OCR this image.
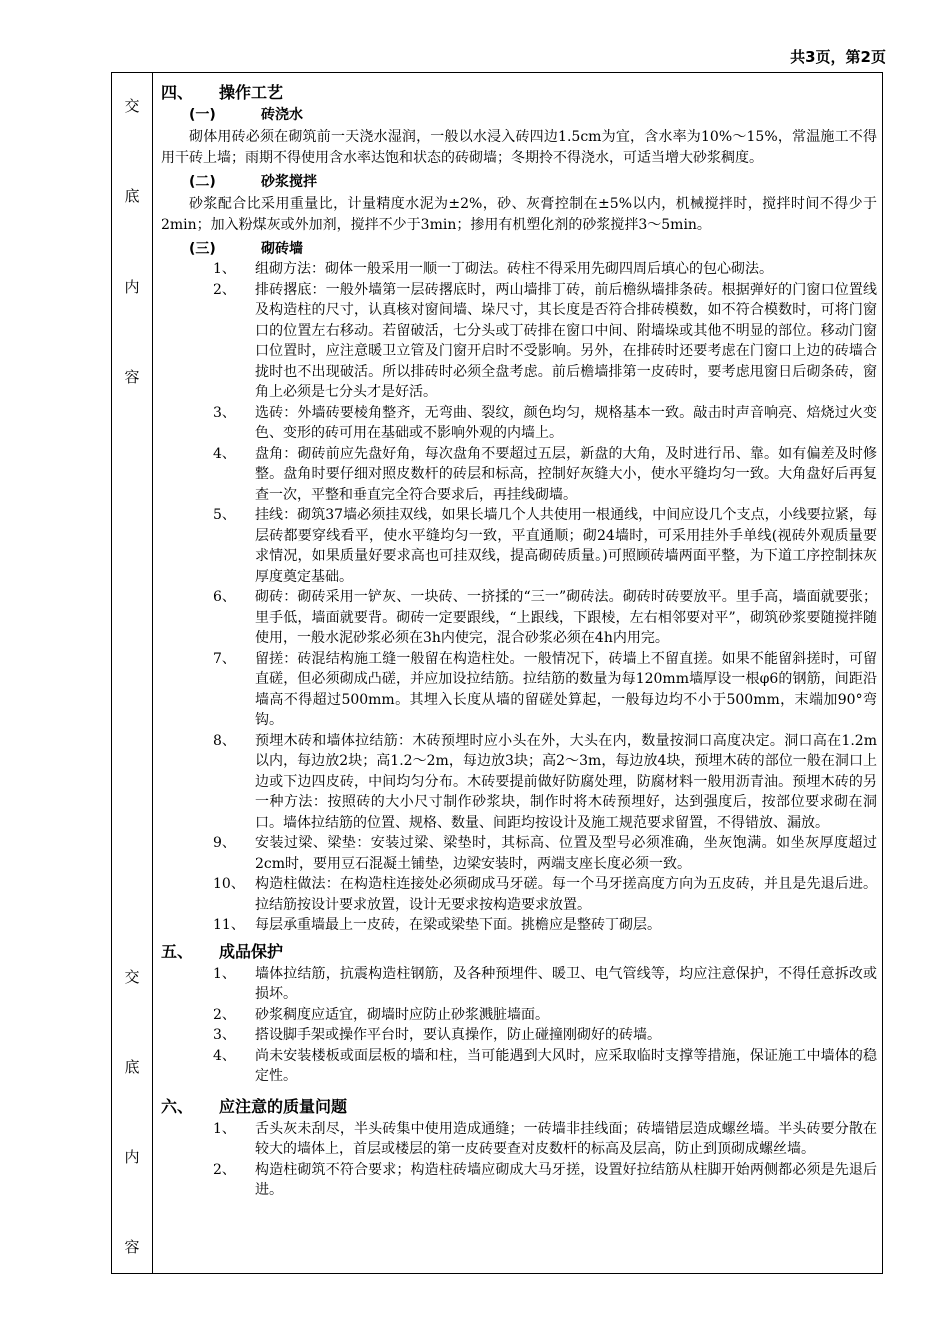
共3页，第2页
交
底
内
容
交
底
内
容
四、	操作工艺
(一)	砖浇水
砌体用砖必须在砌筑前一天浇水湿润，一般以水浸入砖四边1.5cm为宜，含水率为10%～15%，常温施工不得用干砖上墙；雨期不得使用含水率达饱和状态的砖砌墙；冬期拎不得浇水，可适当增大砂浆稠度。
(二)	砂浆搅拌
砂浆配合比采用重量比，计量精度水泥为±2%，砂、灰膏控制在±5%以内，机械搅拌时，搅拌时间不得少于2min；加入粉煤灰或外加剂，搅拌不少于3min；掺用有机塑化剂的砂浆搅拌3～5min。
(三)	砌砖墙
1、	组砌方法：砌体一般采用一顺一丁砌法。砖柱不得采用先砌四周后填心的包心砌法。
2、	排砖撂底：一般外墙第一层砖撂底时，两山墙排丁砖，前后檐纵墙排条砖。根据弹好的门窗口位置线及构造柱的尺寸，认真核对窗间墙、垛尺寸，其长度是否符合排砖模数，如不符合模数时，可将门窗口的位置左右移动。若留破活，七分头或丁砖排在窗口中间、附墙垛或其他不明显的部位。移动门窗口位置时，应注意暖卫立管及门窗开启时不受影响。另外，在排砖时还要考虑在门窗口上边的砖墙合拢时也不出现破活。所以排砖时必须全盘考虑。前后檐墙排第一皮砖时，要考虑甩窗日后砌条砖，窗角上必须是七分头才是好活。
3、	选砖：外墙砖要棱角整齐，无弯曲、裂纹，颜色均匀，规格基本一致。敲击时声音响亮、焙烧过火变色、变形的砖可用在基础或不影响外观的内墙上。
4、	盘角：砌砖前应先盘好角，每次盘角不要超过五层，新盘的大角，及时进行吊、靠。如有偏差及时修整。盘角时要仔细对照皮数杆的砖层和标高，控制好灰缝大小，使水平缝均匀一致。大角盘好后再复查一次，平整和垂直完全符合要求后，再挂线砌墙。
5、	挂线：砌筑37墙必须挂双线，如果长墙几个人共使用一根通线，中间应设几个支点，小线要拉紧，每层砖都要穿线看平，使水平缝均匀一致，平直通顺；砌24墙时，可采用挂外手单线(视砖外观质量要求情况，如果质量好要求高也可挂双线，提高砌砖质量。)可照顾砖墙两面平整，为下道工序控制抹灰厚度奠定基础。
6、	砌砖：砌砖采用一铲灰、一块砖、一挤揉的“三一”砌砖法。砌砖时砖要放平。里手高，墙面就要张；里手低，墙面就要背。砌砖一定要跟线，“上跟线，下跟棱，左右相邻要对平”，砌筑砂浆要随搅拌随使用，一般水泥砂浆必须在3h内使完，混合砂浆必须在4h内用完。
7、	留搓：砖混结构施工缝一般留在构造柱处。一般情况下，砖墙上不留直搓。如果不能留斜搓时，可留直磋，但必须砌成凸磋，并应加设拉结筋。拉结筋的数量为每120mm墙厚设一根φ6的钢筋，间距沿墙高不得超过500mm。其埋入长度从墙的留磋处算起，一般每边均不小于500mm，末端加90°弯钩。
8、	预埋木砖和墙体拉结筋：木砖预埋时应小头在外，大头在内，数量按洞口高度决定。洞口高在1.2m以内，每边放2块；高1.2～2m，每边放3块；高2～3m，每边放4块，预埋木砖的部位一般在洞口上边或下边四皮砖，中间均匀分布。木砖要提前做好防腐处理，防腐材料一般用沥青油。预埋木砖的另一种方法：按照砖的大小尺寸制作砂浆块，制作时将木砖预埋好，达到强度后，按部位要求砌在洞口。墙体拉结筋的位置、规格、数量、间距均按设计及施工规范要求留置，不得错放、漏放。
9、	安装过梁、梁垫：安装过梁、梁垫时，其标高、位置及型号必须准确，坐灰饱满。如坐灰厚度超过2cm时，要用豆石混凝土铺垫，边梁安装时，两端支座长度必须一致。
10、 构造柱做法：在构造柱连接处必须砌成马牙磋。每一个马牙搓高度方向为五皮砖，并且是先退后进。拉结筋按设计要求放置，设计无要求按构造要求放置。
11、 每层承重墙最上一皮砖，在梁或梁垫下面。挑檐应是整砖丁砌层。
五、	成品保护
1、	墙体拉结筋，抗震构造柱钢筋，及各种预埋件、暖卫、电气管线等，均应注意保护，不得任意拆改或损坏。
2、	砂浆稠度应适宜，砌墙时应防止砂浆溅脏墙面。
3、	搭设脚手架或操作平台时，要认真操作，防止碰撞刚砌好的砖墙。
4、	尚未安装楼板或面层板的墙和柱，当可能遇到大风时，应采取临时支撑等措施，保证施工中墙体的稳定性。
六、	应注意的质量问题
1、	舌头灰未刮尽，半头砖集中使用造成通缝；一砖墙非挂线面；砖墙错层造成螺丝墙。半头砖要分散在较大的墙体上，首层或楼层的第一皮砖要查对皮数杆的标高及层高，防止到顶砌成螺丝墙。
2、	构造柱砌筑不符合要求；构造柱砖墙应砌成大马牙搓，设置好拉结筋从柱脚开始两侧都必须是先退后进。
